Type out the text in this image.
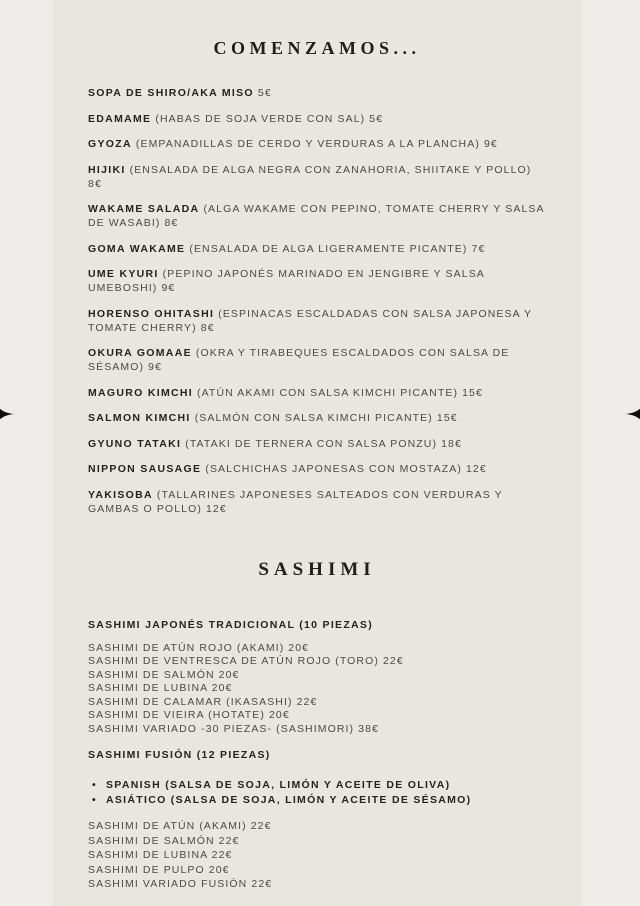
COMENZAMOS...
SOPA DE SHIRO/AKA MISO 5€
EDAMAME (HABAS DE SOJA VERDE CON SAL) 5€
GYOZA (EMPANADILLAS DE CERDO Y VERDURAS A LA PLANCHA) 9€
HIJIKI (ENSALADA DE ALGA NEGRA CON ZANAHORIA, SHIITAKE Y POLLO) 8€
WAKAME SALADA (ALGA WAKAME CON PEPINO, TOMATE CHERRY Y SALSA DE WASABI) 8€
GOMA WAKAME (ENSALADA DE ALGA LIGERAMENTE PICANTE) 7€
UME KYURI (PEPINO JAPONÉS MARINADO EN JENGIBRE Y SALSA UMEBOSHI) 9€
HORENSO OHITASHI (ESPINACAS ESCALDADAS CON SALSA JAPONESA Y TOMATE CHERRY) 8€
OKURA GOMAAE (OKRA Y TIRABEQUES ESCALDADOS CON SALSA DE SÉSAMO) 9€
MAGURO KIMCHI (ATÚN AKAMI CON SALSA KIMCHI PICANTE) 15€
SALMON KIMCHI (SALMÓN CON SALSA KIMCHI PICANTE) 15€
GYUNO TATAKI (TATAKI DE TERNERA CON SALSA PONZU) 18€
NIPPON SAUSAGE (SALCHICHAS JAPONESAS CON MOSTAZA) 12€
YAKISOBA (TALLARINES JAPONESES SALTEADOS CON VERDURAS Y GAMBAS O POLLO) 12€
SASHIMI
SASHIMI JAPONÉS TRADICIONAL (10 PIEZAS)
SASHIMI DE ATÚN ROJO (AKAMI) 20€
SASHIMI DE VENTRESCA DE ATÚN ROJO (TORO) 22€
SASHIMI DE SALMÓN 20€
SASHIMI DE LUBINA 20€
SASHIMI DE CALAMAR (IKASASHI) 22€
SASHIMI DE VIEIRA (HOTATE) 20€
SASHIMI VARIADO -30 PIEZAS- (SASHIMORI) 38€
SASHIMI FUSIÓN (12 PIEZAS)
• SPANISH (SALSA DE SOJA, LIMÓN Y ACEITE DE OLIVA)
• ASIÁTICO (SALSA DE SOJA, LIMÓN Y ACEITE DE SÉSAMO)
SASHIMI DE ATÚN (AKAMI) 22€
SASHIMI DE SALMÓN 22€
SASHIMI DE LUBINA 22€
SASHIMI DE PULPO 20€
SASHIMI VARIADO FUSIÓN 22€
